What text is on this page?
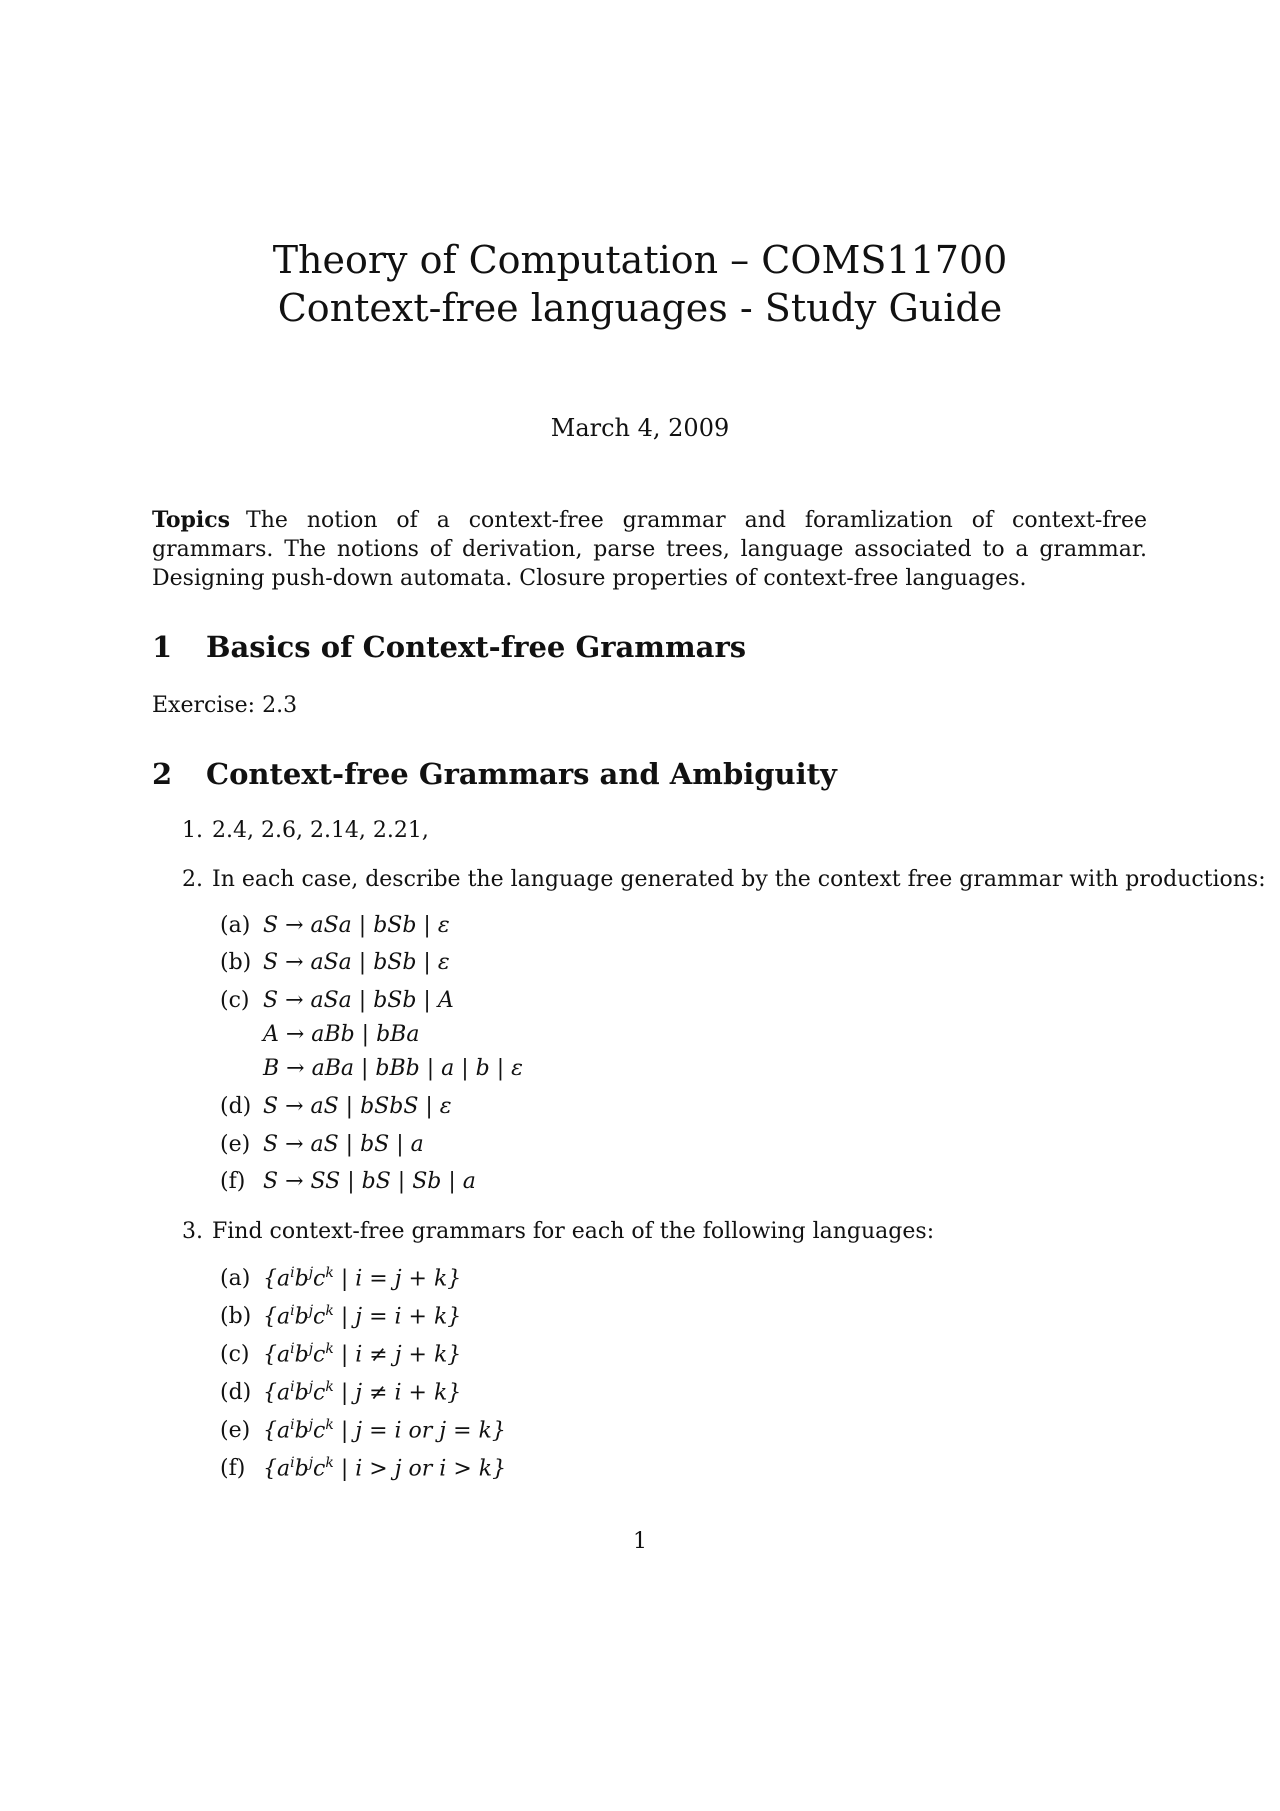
Theory of Computation – COMS11700
Context-free languages - Study Guide
March 4, 2009
Topics The notion of a context-free grammar and foramlization of context-free grammars. The notions of derivation, parse trees, language associated to a grammar. Designing push-down automata. Closure properties of context-free languages.
1 Basics of Context-free Grammars
Exercise: 2.3
2 Context-free Grammars and Ambiguity
1. 2.4, 2.6, 2.14, 2.21,
2. In each case, describe the language generated by the context free grammar with productions:
(a) S → aSa | bSb | ε
(b) S → aSa | bSb | ε
(c) S → aSa | bSb | A
A → aBb | bBa
B → aBa | bBb | a | b | ε
(d) S → aS | bSbS | ε
(e) S → aS | bS | a
(f) S → SS | bS | Sb | a
3. Find context-free grammars for each of the following languages:
(a) {$a^ib^jc^k$ | i = j + k}
(b) {$a^ib^jc^k$ | j = i + k}
(c) {$a^ib^jc^k$ | i ≠ j + k}
(d) {$a^ib^jc^k$ | j ≠ i + k}
(e) {$a^ib^jc^k$ | j = i or j = k}
(f) {$a^ib^jc^k$ | i > j or i > k}
1
